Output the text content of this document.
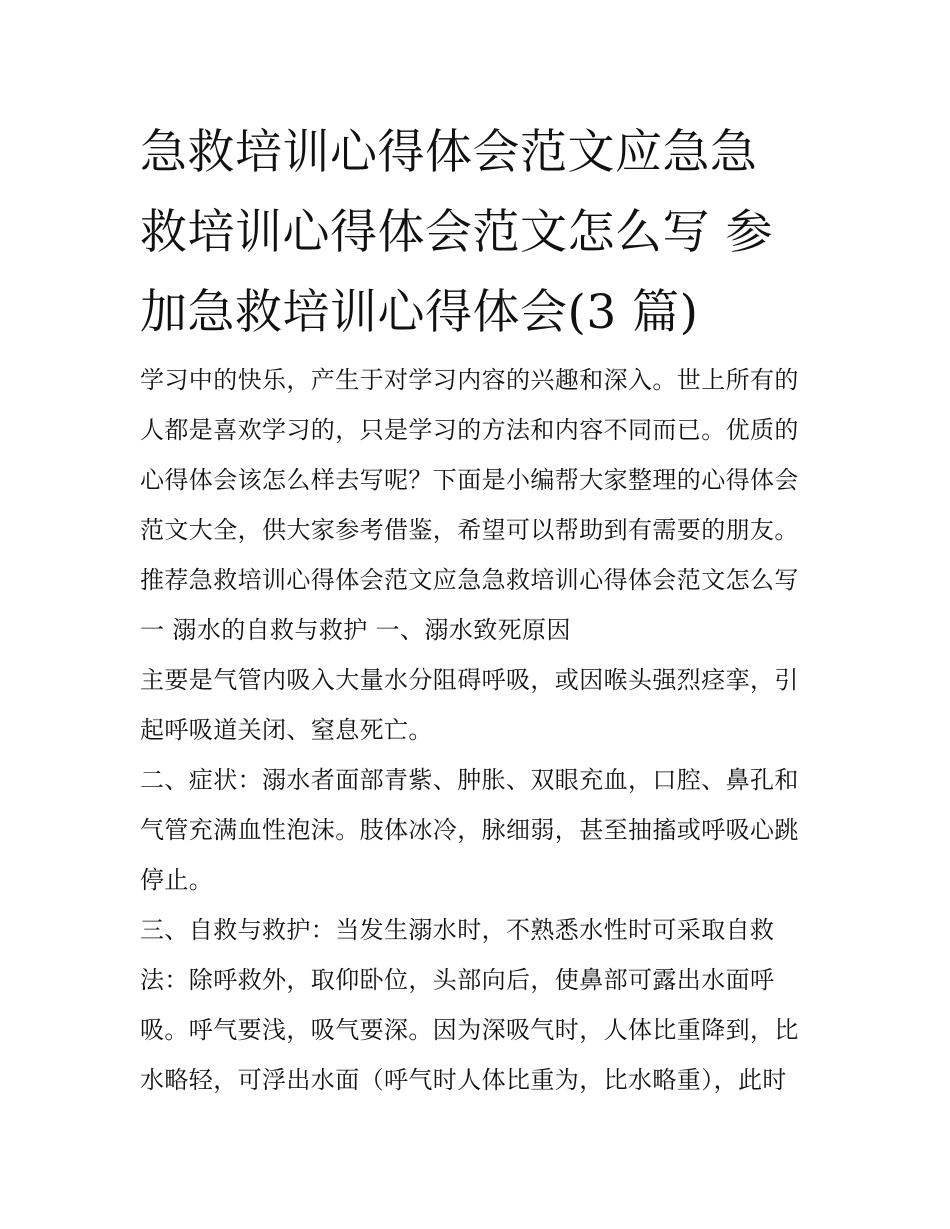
急救培训心得体会范文应急急
救培训心得体会范文怎么写 参
加急救培训心得体会(3 篇)
学习中的快乐，产生于对学习内容的兴趣和深入。世上所有的
人都是喜欢学习的，只是学习的方法和内容不同而已。优质的
心得体会该怎么样去写呢？下面是小编帮大家整理的心得体会
范文大全，供大家参考借鉴，希望可以帮助到有需要的朋友。
推荐急救培训心得体会范文应急急救培训心得体会范文怎么写
一 溺水的自救与救护 一、溺水致死原因
主要是气管内吸入大量水分阻碍呼吸，或因喉头强烈痉挛，引
起呼吸道关闭、窒息死亡。
二、症状：溺水者面部青紫、肿胀、双眼充血，口腔、鼻孔和
气管充满血性泡沫。肢体冰冷，脉细弱，甚至抽搐或呼吸心跳
停止。
三、自救与救护：当发生溺水时，不熟悉水性时可采取自救
法：除呼救外，取仰卧位，头部向后，使鼻部可露出水面呼
吸。呼气要浅，吸气要深。因为深吸气时，人体比重降到，比
水略轻，可浮出水面（呼气时人体比重为，比水略重），此时
